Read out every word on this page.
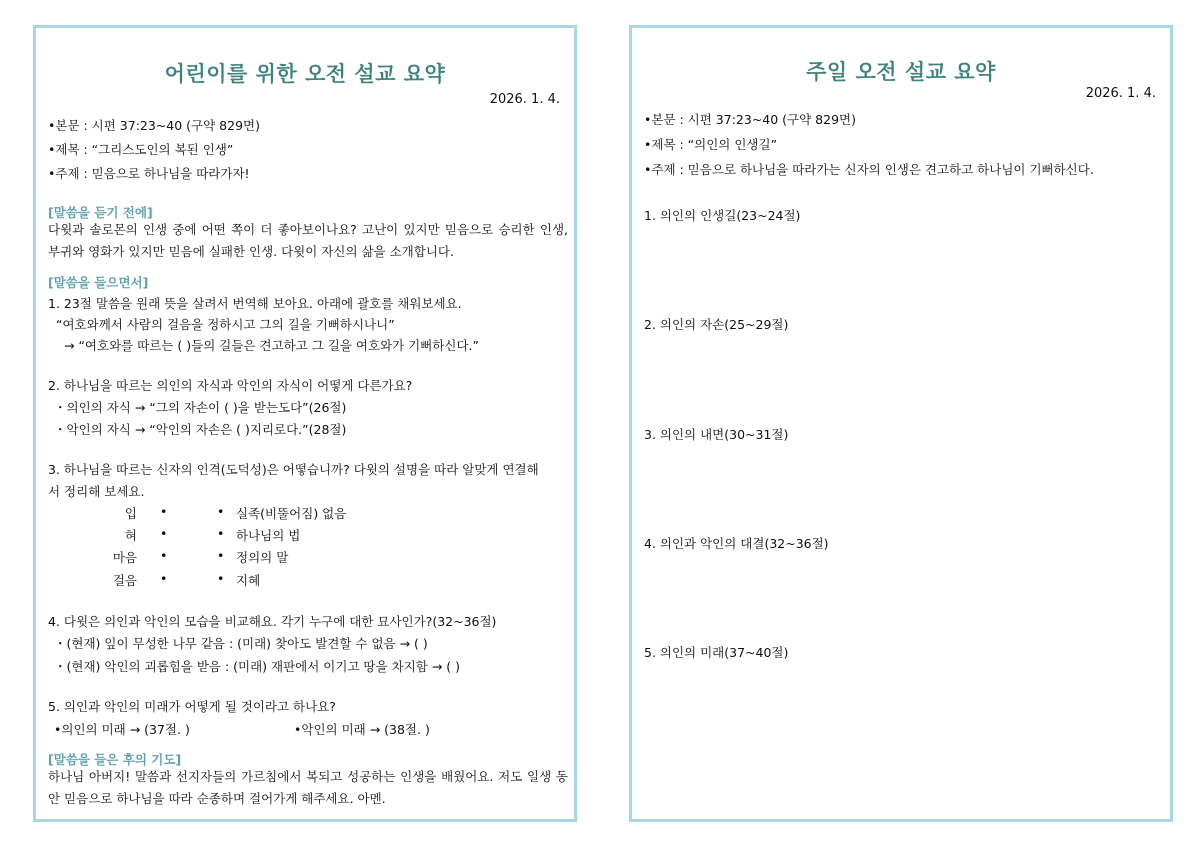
어린이를 위한 오전 설교 요약
2026. 1. 4.
•본문 : 시편 37:23~40 (구약 829면)
•제목 : “그리스도인의 복된 인생”
•주제 : 믿음으로 하나님을 따라가자!
[말씀을 듣기 전에]
다윗과 솔로몬의 인생 중에 어떤 쪽이 더 좋아보이나요? 고난이 있지만 믿음으로 승리한 인생, 부귀와 영화가 있지만 믿음에 실패한 인생. 다윗이 자신의 삶을 소개합니다.
[말씀을 들으면서]
1. 23절 말씀을 원래 뜻을 살려서 번역해 보아요. 아래에 괄호를 채워보세요.
“여호와께서 사람의 걸음을 정하시고 그의 길을 기뻐하시나니”
→ “여호와를 따르는 ( )들의 길들은 견고하고 그 길을 여호와가 기뻐하신다.”
2. 하나님을 따르는 의인의 자식과 악인의 자식이 어떻게 다른가요?
・의인의 자식 → “그의 자손이 ( )을 받는도다”(26절)
・악인의 자식 → “악인의 자손은 ( )지리로다.”(28절)
3. 하나님을 따르는 신자의 인격(도덕성)은 어떻습니까? 다윗의 설명을 따라 알맞게 연결해
서 정리해 보세요.
입
혀
마음
걸음
•
•
•
•
•
•
•
•
실족(비뚤어짐) 없음
하나님의 법
정의의 말
지혜
4. 다윗은 의인과 악인의 모습을 비교해요. 각기 누구에 대한 묘사인가?(32~36절)
・(현재) 잎이 무성한 나무 같음 : (미래) 찾아도 발견할 수 없음 → ( )
・(현재) 악인의 괴롭힘을 받음 : (미래) 재판에서 이기고 땅을 차지함 → ( )
5. 의인과 악인의 미래가 어떻게 될 것이라고 하나요?
•의인의 미래 → (37절. )	•악인의 미래 → (38절. )
[말씀을 들은 후의 기도]
하나님 아버지! 말씀과 선지자들의 가르침에서 복되고 성공하는 인생을 배웠어요. 저도 일생 동안 믿음으로 하나님을 따라 순종하며 걸어가게 해주세요. 아멘.
주일 오전 설교 요약
2026. 1. 4.
•본문 : 시편 37:23~40 (구약 829면)
•제목 : “의인의 인생길”
•주제 : 믿음으로 하나님을 따라가는 신자의 인생은 견고하고 하나님이 기뻐하신다.
1. 의인의 인생길(23~24절)
2. 의인의 자손(25~29절)
3. 의인의 내면(30~31절)
4. 의인과 악인의 대결(32~36절)
5. 의인의 미래(37~40절)
